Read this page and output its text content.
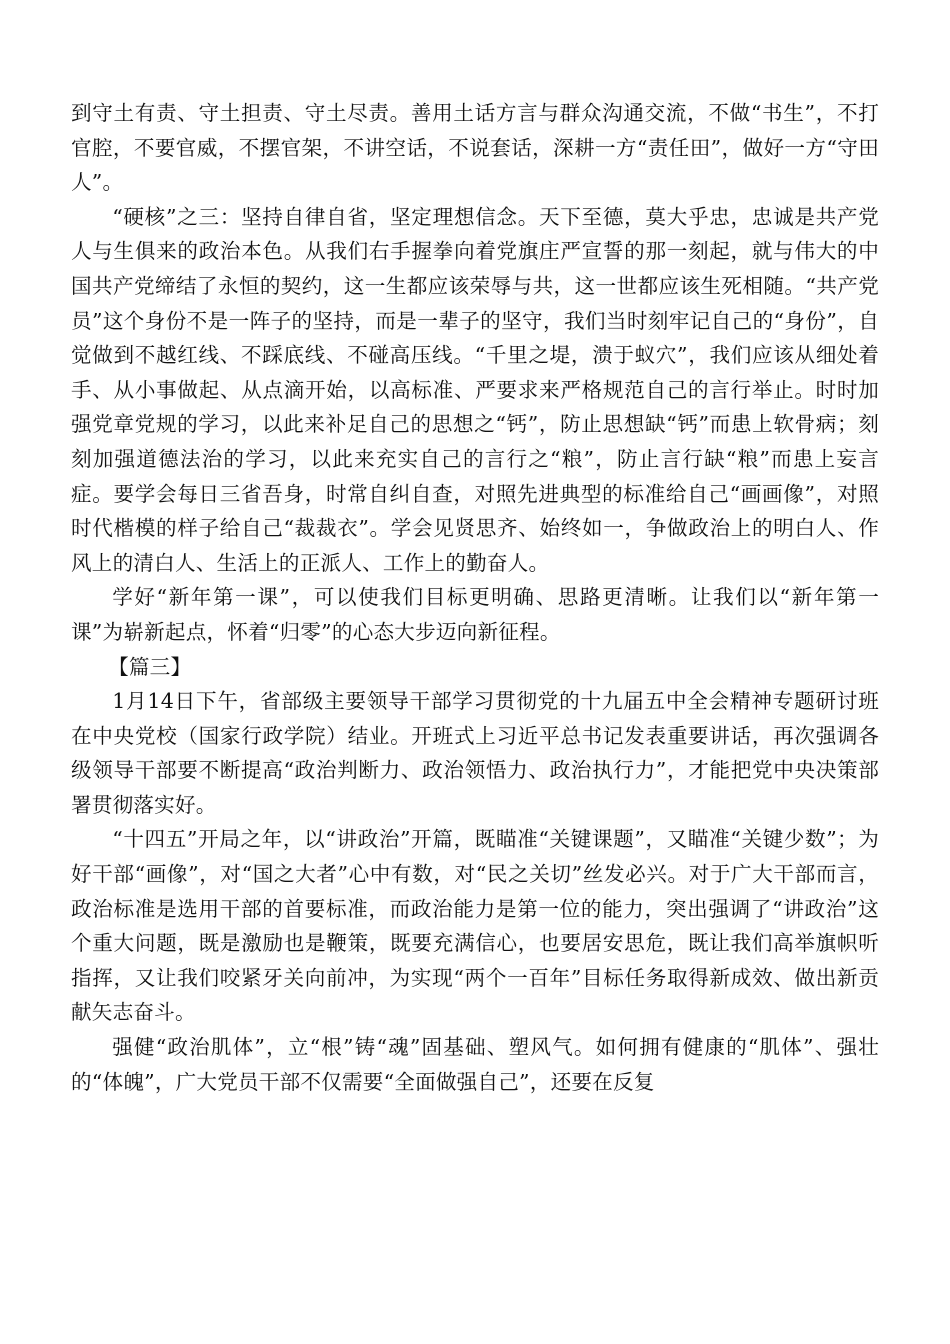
到守土有责、守土担责、守土尽责。善用土话方言与群众沟通交流，不做“书生”，不打官腔，不要官威，不摆官架，不讲空话，不说套话，深耕一方“责任田”，做好一方“守田人”。

“硬核”之三：坚持自律自省，坚定理想信念。天下至德，莫大乎忠，忠诚是共产党人与生俱来的政治本色。从我们右手握拳向着党旗庄严宣誓的那一刻起，就与伟大的中国共产党缔结了永恒的契约，这一生都应该荣辱与共，这一世都应该生死相随。“共产党员”这个身份不是一阵子的坚持，而是一辈子的坚守，我们当时刻牢记自己的“身份”，自觉做到不越红线、不踩底线、不碰高压线。“千里之堤，溃于蚁穴”，我们应该从细处着手、从小事做起、从点滴开始，以高标准、严要求来严格规范自己的言行举止。时时加强党章党规的学习，以此来补足自己的思想之“钙”，防止思想缺“钙”而患上软骨病；刻刻加强道德法治的学习，以此来充实自己的言行之“粮”，防止言行缺“粮”而患上妄言症。要学会每日三省吾身，时常自纠自查，对照先进典型的标准给自己“画画像”，对照时代楷模的样子给自己“裁裁衣”。学会见贤思齐、始终如一，争做政治上的明白人、作风上的清白人、生活上的正派人、工作上的勤奋人。

学好“新年第一课”，可以使我们目标更明确、思路更清晰。让我们以“新年第一课”为崭新起点，怀着“归零”的心态大步迈向新征程。

【篇三】

1月14日下午，省部级主要领导干部学习贯彻党的十九届五中全会精神专题研讨班在中央党校（国家行政学院）结业。开班式上习近平总书记发表重要讲话，再次强调各级领导干部要不断提高“政治判断力、政治领悟力、政治执行力”，才能把党中央决策部署贯彻落实好。

“十四五”开局之年，以“讲政治”开篇，既瞄准“关键课题”，又瞄准“关键少数”；为好干部“画像”，对“国之大者”心中有数，对“民之关切”丝发必兴。对于广大干部而言，政治标准是选用干部的首要标准，而政治能力是第一位的能力，突出强调了“讲政治”这个重大问题，既是激励也是鞭策，既要充满信心，也要居安思危，既让我们高举旗帜听指挥，又让我们咬紧牙关向前冲，为实现“两个一百年”目标任务取得新成效、做出新贡献矢志奋斗。

强健“政治肌体”，立“根”铸“魂”固基础、塑风气。如何拥有健康的“肌体”、强壮的“体魄”，广大党员干部不仅需要“全面做强自己”，还要在反复
